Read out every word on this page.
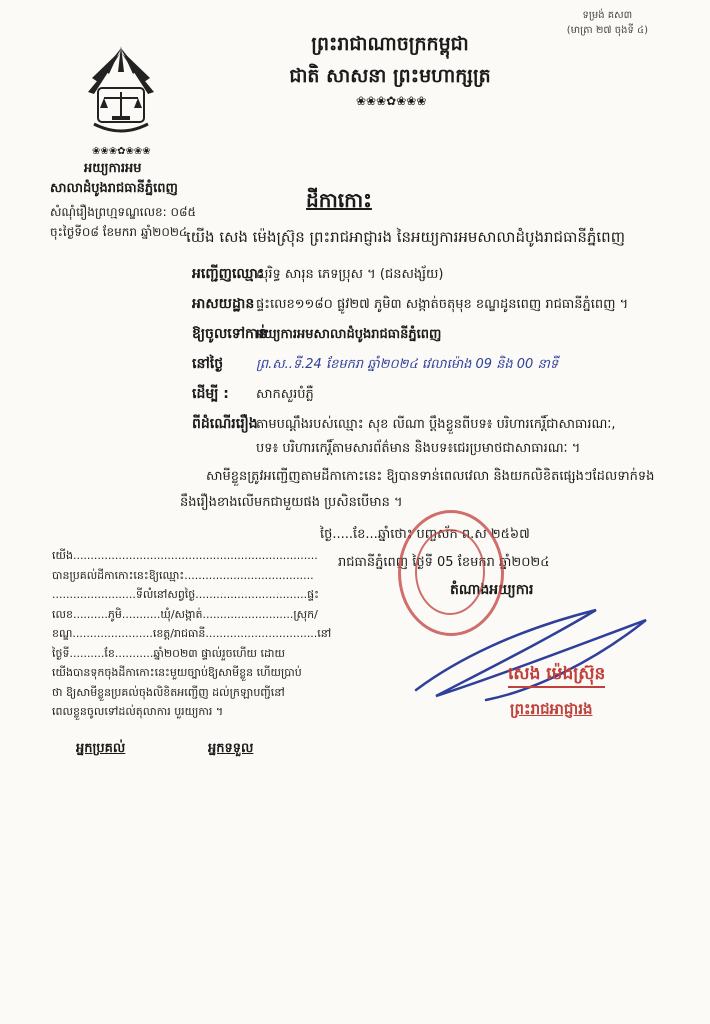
ទម្រង់ គស៣
(មាត្រា ២៧ ចុងទី ៤)
ព្រះរាជាណាចក្រកម្ពុជា
ជាតិ សាសនា ព្រះមហាក្សត្រ
❀❀❀✿❀❀❀
❀❀❀✿❀❀❀
អយ្យការអម
សាលាដំបូងរាជធានីភ្នំពេញ
សំណុំរឿងព្រហ្មទណ្ឌលេខ: ០៨៥
ចុះថ្ងៃទី០៨ ខែមករា ឆ្នាំ២០២៤
ដីកាកោះ
យើង សេង ម៉េងស្រ៊ុន ព្រះរាជអាជ្ញារង នៃអយ្យការអមសាលាដំបូងរាជធានីភ្នំពេញ
អញ្ជើញឈ្មោះ
សុរិទ្ធ សារុន ភេទប្រុស ។ (ជនសង្ស័យ)
អាសយដ្ឋាន ផ្ទះលេខ១១៨០ ផ្លូវ២៧ ភូមិ៣ សង្កាត់ចតុមុខ ខណ្ឌដូនពេញ រាជធានីភ្នំពេញ ។
ឱ្យចូលទៅកាន់
អយ្យការអមសាលាដំបូងរាជធានីភ្នំពេញ
នៅថ្ងៃ	ព្រ.ស..ទី.24 ខែមករា ឆ្នាំ២០២៤ វេលាម៉ោង 09 និង 00 នាទី
ដើម្បី : សាកសួរបំភ្លឺ
ពីដំណើររឿង
តាមបណ្តឹងរបស់ឈ្មោះ សុខ លីណា ប្តឹងខ្លួនពីបទ៖ បរិហារកេរ្តិ៍ជាសាធារណៈ,
បទ៖ បរិហារកេរ្តិ៍តាមសារព័ត៌មាន និងបទ៖ជេរប្រមាថជាសាធារណៈ ។
សាមីខ្លួនត្រូវអញ្ជើញតាមដីកាកោះនេះ ឱ្យបានទាន់ពេលវេលា និងយកលិខិតផ្សេងៗដែលទាក់ទង
នឹងរឿងខាងលើមកជាមួយផង ប្រសិនបើមាន ។
ថ្ងៃ.....ខែ...ឆ្នាំថោះ បញ្ចស័ក ព.ស ២៥៦៧
រាជធានីភ្នំពេញ ថ្ងៃទី 05 ខែមករា ឆ្នាំ២០២៤
តំណាងអយ្យការ
សេង ម៉េងស្រ៊ុន
ព្រះរាជអាជ្ញារង
យើង......................................................................
បានប្រគល់ដីកាកោះនេះឱ្យឈ្មោះ.....................................
........................ទីលំនៅសព្វថ្ងៃ................................ផ្ទះ
លេខ..........ភូមិ...........ឃុំ/សង្កាត់..........................ស្រុក/
ខណ្ឌ.......................ខេត្ត/រាជធានី................................នៅ
ថ្ងៃទី..........ខែ...........ឆ្នាំ២០២៣ ផ្ទាល់រួចហើយ ដោយ
យើងបានទុកចុងដីកាកោះនេះមួយច្បាប់ឱ្យសាមីខ្លួន ហើយប្រាប់
ថា ឱ្យសាមីខ្លួនប្រគល់ចុងលិខិតអញ្ជើញ ដល់ក្រឡាបញ្ជីនៅ
ពេលខ្លួនចូលទៅដល់តុលាការ បួរយ្យការ ។
អ្នកប្រគល់	អ្នកទទួល
